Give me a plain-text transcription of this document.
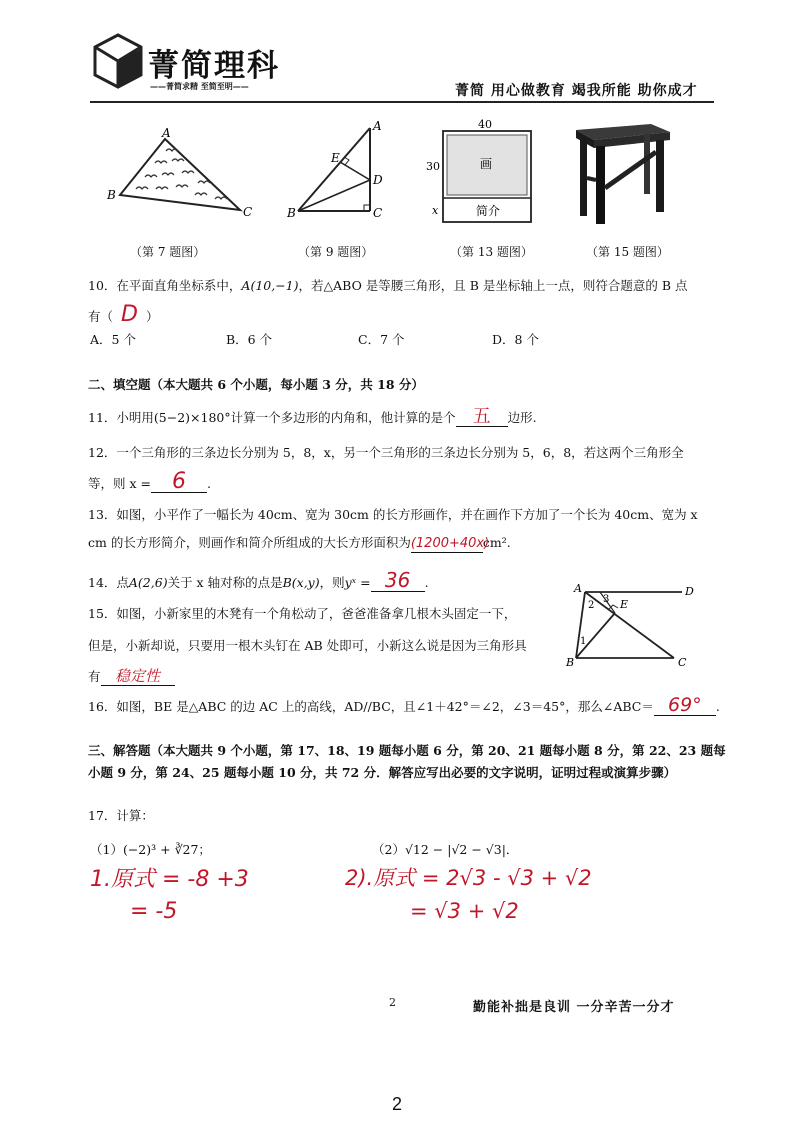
菁简理科
——菁简求精 至简至明——	菁简 用心做教育 竭我所能 助你成才
A
B
C
（第 7 题图）
A
E
D
B	C
（第 9 题图）
40
30
x
画
简介
（第 13 题图）	（第 15 题图）
10．在平面直角坐标系中，A(10,−1)，若△ABO 是等腰三角形，且 B 是坐标轴上一点，则符合题意的 B 点
有（ D ）
A．5 个	B．6 个	C．7 个	D．8 个
二、填空题（本大题共 6 个小题，每小题 3 分，共 18 分）
11．小明用(5−2)×180°计算一个多边形的内角和，他计算的是个 五 边形.
12．一个三角形的三条边长分别为 5，8，x，另一个三角形的三条边长分别为 5，6，8，若这两个三角形全
等，则 x = 6 .
13．如图，小平作了一幅长为 40cm、宽为 30cm 的长方形画作，并在画作下方加了一个长为 40cm、宽为 x
cm 的长方形简介，则画作和简介所组成的大长方形面积为(1200+40x)cm².
14．点A(2,6)关于 x 轴对称的点是B(x,y)，则yˣ = 36 .
15．如图，小新家里的木凳有一个角松动了，爸爸准备拿几根木头固定一下，
但是，小新却说，只要用一根木头钉在 AB 处即可，小新这么说是因为三角形具
有 稳定性
A	D
E
B	C
1
2
3
16．如图，BE 是△ABC 的边 AC 上的高线，AD//BC，且∠1＋42°＝∠2，∠3＝45°，那么∠ABC＝ 69° .
三、解答题（本大题共 9 个小题，第 17、18、19 题每小题 6 分，第 20、21 题每小题 8 分，第 22、23 题每
小题 9 分，第 24、25 题每小题 10 分，共 72 分．解答应写出必要的文字说明，证明过程或演算步骤）
17．计算：
（1）(−2)³ + ∛27；	（2）√12 − |√2 − √3|．
1.原式 = -8 +3
= -5
2).原式 = 2√3 - √3 + √2
= √3 + √2
2	勤能补拙是良训 一分辛苦一分才
2
